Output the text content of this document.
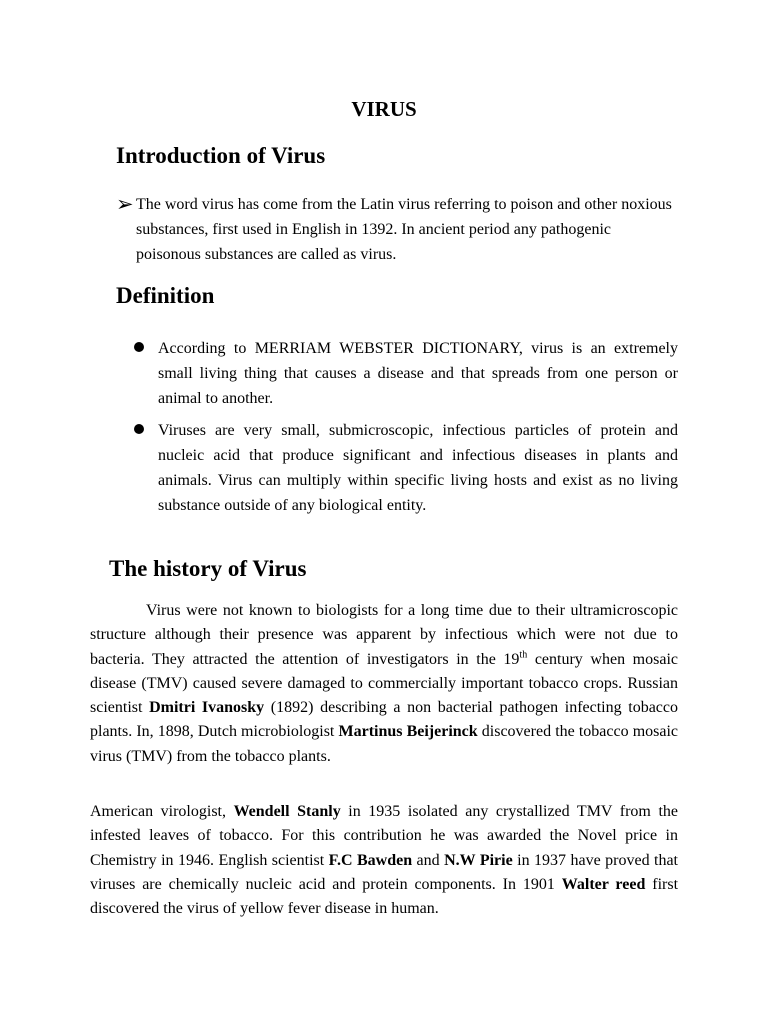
VIRUS
Introduction of Virus
➢ The word virus has come from the Latin virus referring to poison and other noxious substances, first used in English in 1392. In ancient period any pathogenic poisonous substances are called as virus.
Definition
According to MERRIAM WEBSTER DICTIONARY, virus is an extremely small living thing that causes a disease and that spreads from one person or animal to another.
Viruses are very small, submicroscopic, infectious particles of protein and nucleic acid that produce significant and infectious diseases in plants and animals. Virus can multiply within specific living hosts and exist as no living substance outside of any biological entity.
The history of Virus
Virus were not known to biologists for a long time due to their ultramicroscopic structure although their presence was apparent by infectious which were not due to bacteria. They attracted the attention of investigators in the 19th century when mosaic disease (TMV) caused severe damaged to commercially important tobacco crops. Russian scientist Dmitri Ivanosky (1892) describing a non bacterial pathogen infecting tobacco plants. In, 1898, Dutch microbiologist Martinus Beijerinck discovered the tobacco mosaic virus (TMV) from the tobacco plants.
American virologist, Wendell Stanly in 1935 isolated any crystallized TMV from the infested leaves of tobacco. For this contribution he was awarded the Novel price in Chemistry in 1946. English scientist F.C Bawden and N.W Pirie in 1937 have proved that viruses are chemically nucleic acid and protein components. In 1901 Walter reed first discovered the virus of yellow fever disease in human.
